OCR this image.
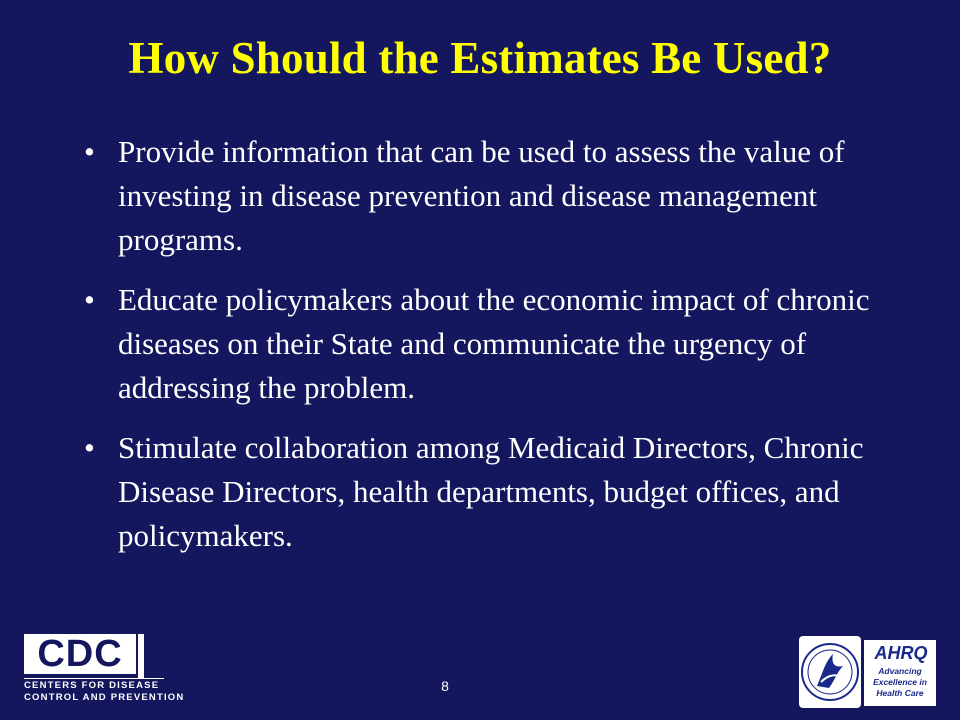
How Should the Estimates Be Used?
• Provide information that can be used to assess the value of investing in disease prevention and disease management programs.
• Educate policymakers about the economic impact of chronic diseases on their State and communicate the urgency of addressing the problem.
• Stimulate collaboration among Medicaid Directors, Chronic Disease Directors, health departments, budget offices, and policymakers.
CDC
CENTERS FOR DISEASE
CONTROL AND PREVENTION
8
AHRQ
Advancing
Excellence in
Health Care
